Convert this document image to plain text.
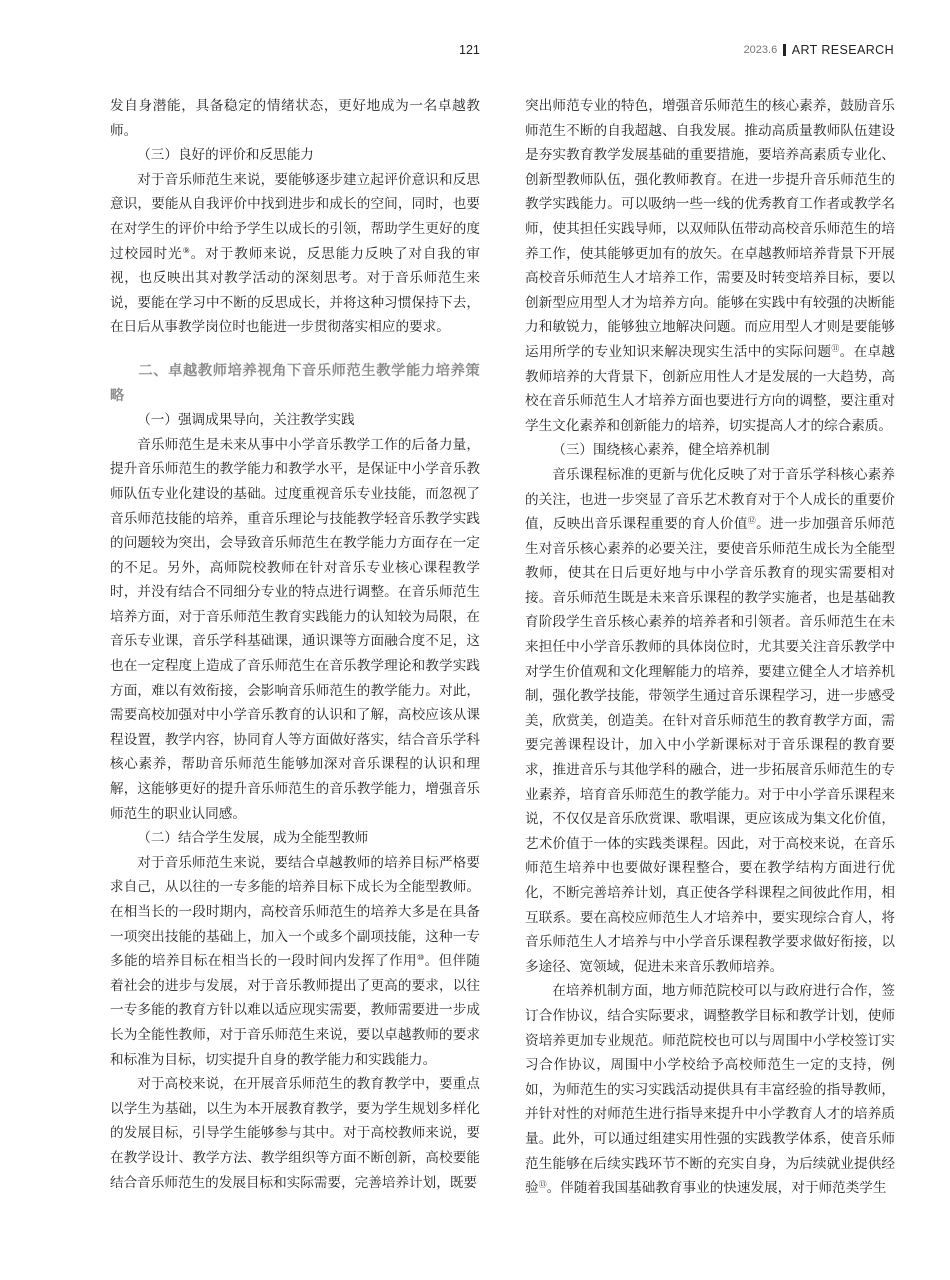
121	2023.6 ART RESEARCH

发自身潜能，具备稳定的情绪状态，更好地成为一名卓越教师。

（三）良好的评价和反思能力

对于音乐师范生来说，要能够逐步建立起评价意识和反思意识，要能从自我评价中找到进步和成长的空间，同时，也要在对学生的评价中给予学生以成长的引领，帮助学生更好的度过校园时光⑨。对于教师来说，反思能力反映了对自我的审视，也反映出其对教学活动的深刻思考。对于音乐师范生来说，要能在学习中不断的反思成长，并将这种习惯保持下去，在日后从事教学岗位时也能进一步贯彻落实相应的要求。

二、卓越教师培养视角下音乐师范生教学能力培养策略

（一）强调成果导向，关注教学实践

音乐师范生是未来从事中小学音乐教学工作的后备力量，提升音乐师范生的教学能力和教学水平，是保证中小学音乐教师队伍专业化建设的基础。过度重视音乐专业技能，而忽视了音乐师范技能的培养，重音乐理论与技能教学轻音乐教学实践的问题较为突出，会导致音乐师范生在教学能力方面存在一定的不足。另外，高师院校教师在针对音乐专业核心课程教学时，并没有结合不同细分专业的特点进行调整。在音乐师范生培养方面，对于音乐师范生教育实践能力的认知较为局限，在音乐专业课，音乐学科基础课，通识课等方面融合度不足，这也在一定程度上造成了音乐师范生在音乐教学理论和教学实践方面，难以有效衔接，会影响音乐师范生的教学能力。对此，需要高校加强对中小学音乐教育的认识和了解，高校应该从课程设置，教学内容，协同育人等方面做好落实，结合音乐学科核心素养，帮助音乐师范生能够加深对音乐课程的认识和理解，这能够更好的提升音乐师范生的音乐教学能力，增强音乐师范生的职业认同感。

（二）结合学生发展，成为全能型教师

对于音乐师范生来说，要结合卓越教师的培养目标严格要求自己，从以往的一专多能的培养目标下成长为全能型教师。在相当长的一段时期内，高校音乐师范生的培养大多是在具备一项突出技能的基础上，加入一个或多个副项技能，这种一专多能的培养目标在相当长的一段时间内发挥了作用⑩。但伴随着社会的进步与发展，对于音乐教师提出了更高的要求，以往一专多能的教育方针以难以适应现实需要，教师需要进一步成长为全能性教师，对于音乐师范生来说，要以卓越教师的要求和标准为目标，切实提升自身的教学能力和实践能力。

对于高校来说，在开展音乐师范生的教育教学中，要重点以学生为基础，以生为本开展教育教学，要为学生规划多样化的发展目标，引导学生能够参与其中。对于高校教师来说，要在教学设计、教学方法、教学组织等方面不断创新，高校要能结合音乐师范生的发展目标和实际需要，完善培养计划，既要

突出师范专业的特色，增强音乐师范生的核心素养，鼓励音乐师范生不断的自我超越、自我发展。推动高质量教师队伍建设是夯实教育教学发展基础的重要措施，要培养高素质专业化、创新型教师队伍，强化教师教育。在进一步提升音乐师范生的教学实践能力。可以吸纳一些一线的优秀教育工作者或教学名师，使其担任实践导师，以双师队伍带动高校音乐师范生的培养工作，使其能够更加有的放矢。在卓越教师培养背景下开展高校音乐师范生人才培养工作，需要及时转变培养目标，要以创新型应用型人才为培养方向。能够在实践中有较强的决断能力和敏锐力，能够独立地解决问题。而应用型人才则是要能够运用所学的专业知识来解决现实生活中的实际问题⑪。在卓越教师培养的大背景下，创新应用性人才是发展的一大趋势，高校在音乐师范生人才培养方面也要进行方向的调整，要注重对学生文化素养和创新能力的培养，切实提高人才的综合素质。

（三）围绕核心素养，健全培养机制

音乐课程标准的更新与优化反映了对于音乐学科核心素养的关注，也进一步突显了音乐艺术教育对于个人成长的重要价值，反映出音乐课程重要的育人价值⑫。进一步加强音乐师范生对音乐核心素养的必要关注，要使音乐师范生成长为全能型教师，使其在日后更好地与中小学音乐教育的现实需要相对接。音乐师范生既是未来音乐课程的教学实施者，也是基础教育阶段学生音乐核心素养的培养者和引领者。音乐师范生在未来担任中小学音乐教师的具体岗位时，尤其要关注音乐教学中对学生价值观和文化理解能力的培养，要建立健全人才培养机制，强化教学技能，带领学生通过音乐课程学习，进一步感受美，欣赏美，创造美。在针对音乐师范生的教育教学方面，需要完善课程设计，加入中小学新课标对于音乐课程的教育要求，推进音乐与其他学科的融合，进一步拓展音乐师范生的专业素养，培育音乐师范生的教学能力。对于中小学音乐课程来说，不仅仅是音乐欣赏课、歌唱课，更应该成为集文化价值，艺术价值于一体的实践类课程。因此，对于高校来说，在音乐师范生培养中也要做好课程整合，要在教学结构方面进行优化，不断完善培养计划，真正使各学科课程之间彼此作用，相互联系。要在高校应师范生人才培养中，要实现综合育人，将音乐师范生人才培养与中小学音乐课程教学要求做好衔接，以多途径、宽领域，促进未来音乐教师培养。

在培养机制方面，地方师范院校可以与政府进行合作，签订合作协议，结合实际要求，调整教学目标和教学计划，使师资培养更加专业规范。师范院校也可以与周围中小学校签订实习合作协议，周围中小学校给予高校师范生一定的支持，例如，为师范生的实习实践活动提供具有丰富经验的指导教师，并针对性的对师范生进行指导来提升中小学教育人才的培养质量。此外，可以通过组建实用性强的实践教学体系，使音乐师范生能够在后续实践环节不断的充实自身，为后续就业提供经验⑬。伴随着我国基础教育事业的快速发展，对于师范类学生
